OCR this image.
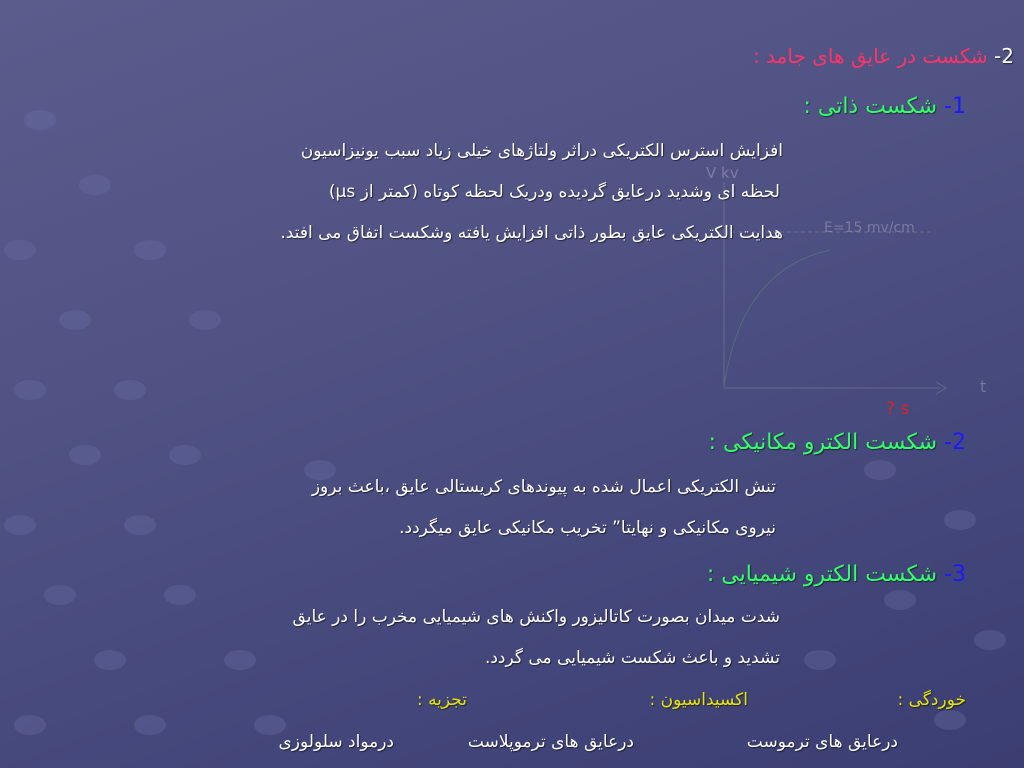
2- شکست در عایق های جامد :
1- شکست ذاتی :
افزایش استرس الکتریکی دراثر ولتاژهای خیلی زیاد سبب یونیزاسیون
لحظه ای وشدید درعایق گردیده ودریک لحظه کوتاه (کمتر از μs)
هدایت الکتریکی عایق بطور ذاتی افزایش یافته وشکست اتفاق می افتد.
V kv
E=15 mv/cm
t
? s
2- شکست الکترو مکانیکی :
تنش الکتریکی اعمال شده به پیوندهای کریستالی عایق ،باعث بروز
نیروی مکانیکی و نهایتا” تخریب مکانیکی عایق میگردد.
3- شکست الکترو شیمیایی :
شدت میدان بصورت کاتالیزور واکنش های شیمیایی مخرب را در عایق
تشدید و باعث شکست شیمیایی می گردد.
خوردگی :
اکسیداسیون :
تجزیه :
درعایق های ترموست
درعایق های ترموپلاست
درمواد سلولوزی
